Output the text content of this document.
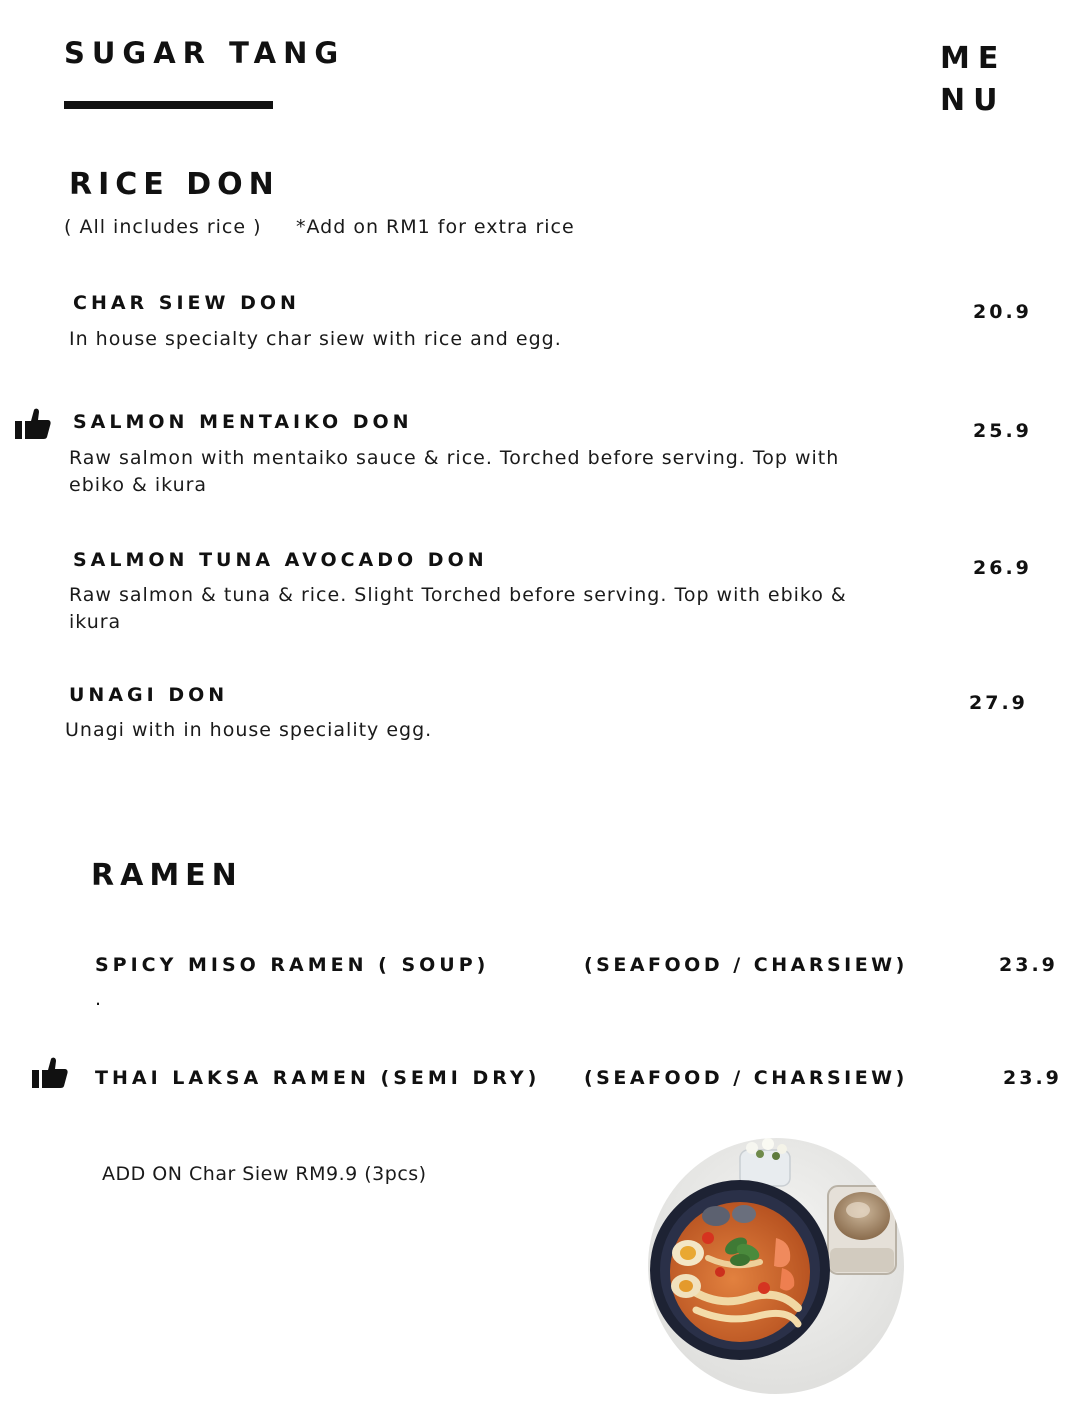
SUGAR TANG	MENU
RICE DON
( All includes rice ) *Add on RM1 for extra rice
CHAR SIEW DON
In house specialty char siew with rice and egg.
20.9
SALMON MENTAIKO DON
Raw salmon with mentaiko sauce & rice. Torched before serving. Top with ebiko & ikura
25.9
SALMON TUNA AVOCADO DON
Raw salmon & tuna & rice. Slight Torched before serving. Top with ebiko & ikura
26.9
UNAGI DON
Unagi with in house speciality egg.
27.9
RAMEN
SPICY MISO RAMEN ( SOUP)	(SEAFOOD / CHARSIEW)	23.9
.
THAI LAKSA RAMEN (SEMI DRY) (SEAFOOD / CHARSIEW)	23.9
ADD ON Char Siew RM9.9 (3pcs)
